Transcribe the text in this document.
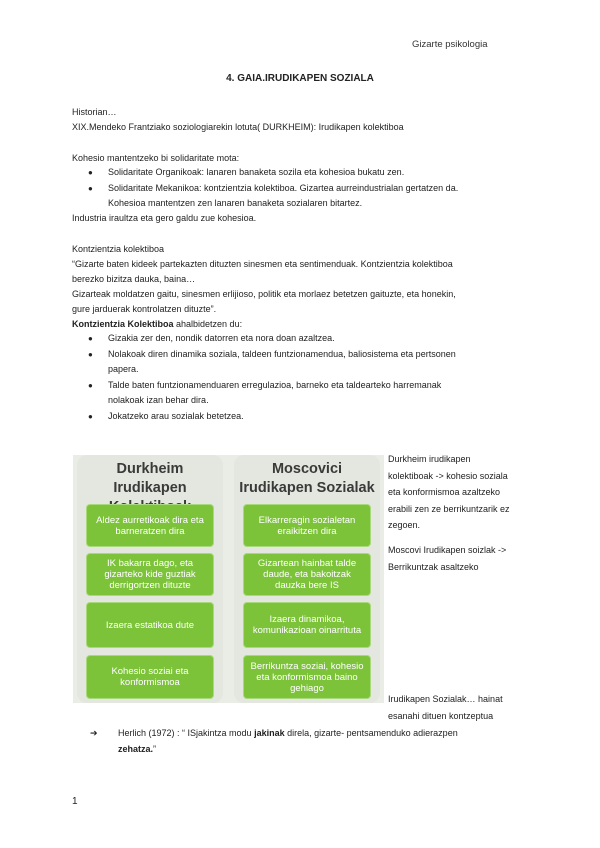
Gizarte psikologia
4. GAIA.IRUDIKAPEN SOZIALA
Historian…
XIX.Mendeko Frantziako soziologiarekin lotuta( DURKHEIM): Irudikapen kolektiboa
Kohesio mantentzeko bi solidaritate mota:
● Solidaritate Organikoak: lanaren banaketa sozila eta kohesioa bukatu zen.
● Solidaritate Mekanikoa: kontzientzia kolektiboa. Gizartea aurreindustrialan gertatzen da.
Kohesioa mantentzen zen lanaren banaketa sozialaren bitartez.
Industria iraultza eta gero galdu zue kohesioa.
Kontzientzia kolektiboa
“Gizarte baten kideek partekazten dituzten sinesmen eta sentimenduak. Kontzientzia kolektiboa
berezko bizitza dauka, baina…
Gizarteak moldatzen gaitu, sinesmen erlijioso, politik eta morlaez betetzen gaituzte, eta honekin,
gure jarduerak kontrolatzen dituzte”.
Kontzientzia Kolektiboa ahalbidetzen du:
● Gizakia zer den, nondik datorren eta nora doan azaltzea.
● Nolakoak diren dinamika soziala, taldeen funtzionamendua, baliosistema eta pertsonen
papera.
● Talde baten funtzionamenduaren erregulazioa, barneko eta taldearteko harremanak
nolakoak izan behar dira.
● Jokatzeko arau sozialak betetzea.
Durkheim
Irudikapen
Aldez aurretikoak dira eta barneratzen dira
IK bakarra dago, eta gizarteko kide guztiak derrigortzen dituzte
Izaera estatikoa dute
Kohesio soziai eta konformismoa
Moscovici
Irudikapen Sozialak
Elkarreragin sozialetan eraikitzen dira
Gizartean hainbat talde daude, eta bakoitzak dauzka bere IS
Izaera dinamikoa, komunikazioan oinarrituta
Berrikuntza soziai, kohesio eta konformismoa baino gehiago
Durkheim irudikapen
kolektiboak -> kohesio soziala
eta konformismoa azaltzeko
erabili zen ze berrikuntzarik ez
zegoen.
Moscovi Irudikapen soizlak ->
Berrikuntzak asaltzeko
Irudikapen Sozialak… hainat
esanahi dituen kontzeptua
➔	Herlich (1972) : “ ISjakintza modu jakinak direla, gizarte- pentsamenduko adierazpen
zehatza.”
1
